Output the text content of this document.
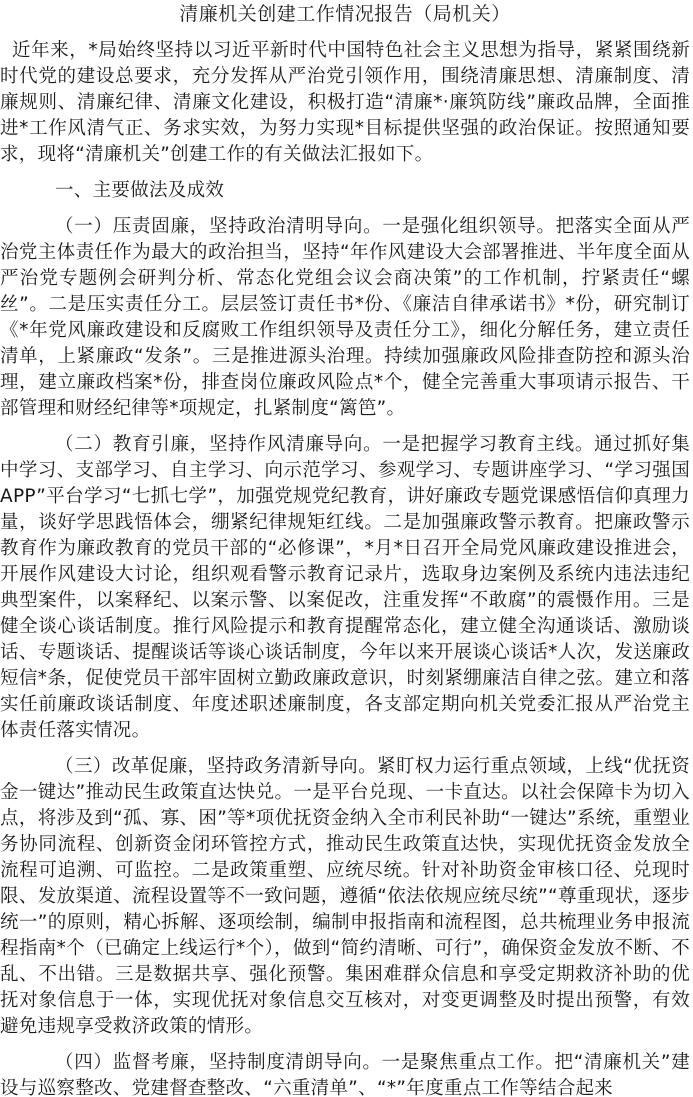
清廉机关创建工作情况报告（局机关）

近年来，*局始终坚持以习近平新时代中国特色社会主义思想为指导，紧紧围绕新时代党的建设总要求，充分发挥从严治党引领作用，围绕清廉思想、清廉制度、清廉规则、清廉纪律、清廉文化建设，积极打造“清廉*·廉筑防线”廉政品牌，全面推进*工作风清气正、务求实效，为努力实现*目标提供坚强的政治保证。按照通知要求，现将“清廉机关”创建工作的有关做法汇报如下。

一、主要做法及成效

（一）压责固廉，坚持政治清明导向。一是强化组织领导。把落实全面从严治党主体责任作为最大的政治担当，坚持“年作风建设大会部署推进、半年度全面从严治党专题例会研判分析、常态化党组会议会商决策”的工作机制，拧紧责任“螺丝”。二是压实责任分工。层层签订责任书*份、《廉洁自律承诺书》*份，研究制订《*年党风廉政建设和反腐败工作组织领导及责任分工》，细化分解任务，建立责任清单，上紧廉政“发条”。三是推进源头治理。持续加强廉政风险排查防控和源头治理，建立廉政档案*份，排查岗位廉政风险点*个，健全完善重大事项请示报告、干部管理和财经纪律等*项规定，扎紧制度“篱笆”。

（二）教育引廉，坚持作风清廉导向。一是把握学习教育主线。通过抓好集中学习、支部学习、自主学习、向示范学习、参观学习、专题讲座学习、“学习强国APP”平台学习“七抓七学”，加强党规党纪教育，讲好廉政专题党课感悟信仰真理力量，谈好学思践悟体会，绷紧纪律规矩红线。二是加强廉政警示教育。把廉政警示教育作为廉政教育的党员干部的“必修课”，*月*日召开全局党风廉政建设推进会，开展作风建设大讨论，组织观看警示教育记录片，选取身边案例及系统内违法违纪典型案件，以案释纪、以案示警、以案促改，注重发挥“不敢腐”的震慑作用。三是健全谈心谈话制度。推行风险提示和教育提醒常态化，建立健全沟通谈话、激励谈话、专题谈话、提醒谈话等谈心谈话制度，今年以来开展谈心谈话*人次，发送廉政短信*条，促使党员干部牢固树立勤政廉政意识，时刻紧绷廉洁自律之弦。建立和落实任前廉政谈话制度、年度述职述廉制度，各支部定期向机关党委汇报从严治党主体责任落实情况。

（三）改革促廉，坚持政务清新导向。紧盯权力运行重点领域，上线“优抚资金一键达”推动民生政策直达快兑。一是平台兑现、一卡直达。以社会保障卡为切入点，将涉及到“孤、寡、困”等*项优抚资金纳入全市利民补助“一键达”系统，重塑业务协同流程、创新资金闭环管控方式，推动民生政策直达快，实现优抚资金发放全流程可追溯、可监控。二是政策重塑、应统尽统。针对补助资金审核口径、兑现时限、发放渠道、流程设置等不一致问题，遵循“依法依规应统尽统”“尊重现状，逐步统一”的原则，精心拆解、逐项绘制，编制申报指南和流程图，总共梳理业务申报流程指南*个（已确定上线运行*个），做到“简约清晰、可行”，确保资金发放不断、不乱、不出错。三是数据共享、强化预警。集困难群众信息和享受定期救济补助的优抚对象信息于一体，实现优抚对象信息交互核对，对变更调整及时提出预警，有效避免违规享受救济政策的情形。

（四）监督考廉，坚持制度清朗导向。一是聚焦重点工作。把“清廉机关”建设与巡察整改、党建督查整改、“六重清单”、“*”年度重点工作等结合起来
